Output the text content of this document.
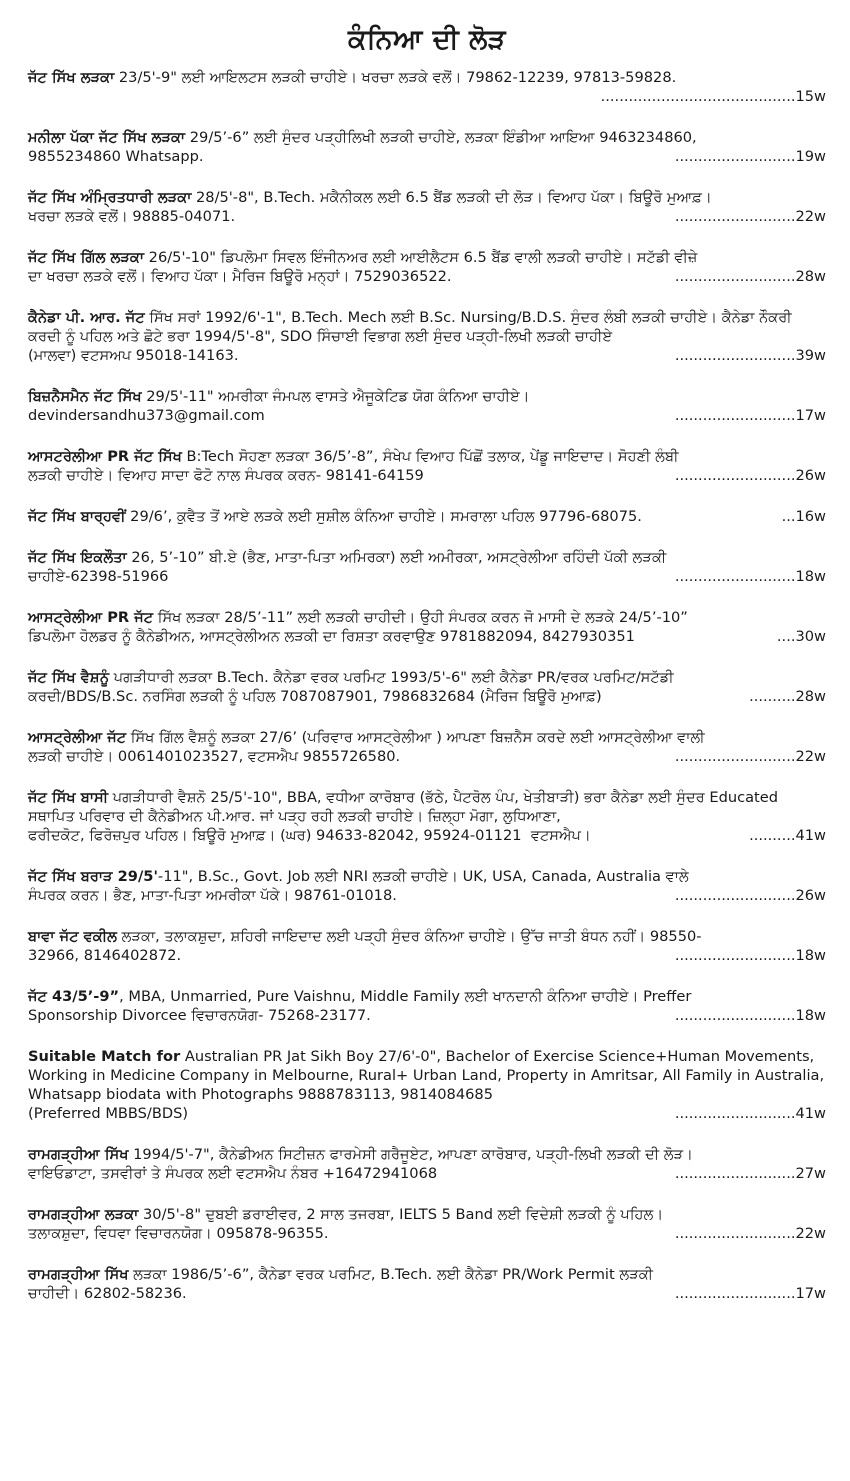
ਕੰਨਿਆ ਦੀ ਲੋੜ
ਜੱਟ ਸਿੱਖ ਲੜਕਾ 23/5'-9" ਲਈ ਆਇਲਟਸ ਲੜਕੀ ਚਾਹੀਏ। ਖਰਚਾ ਲੜਕੇ ਵਲੋਂ। 79862-12239, 97813-59828.
..........................................15w
ਮਨੀਲਾ ਪੱਕਾ ਜੱਟ ਸਿੱਖ ਲੜਕਾ 29/5’-6” ਲਈ ਸੁੰਦਰ ਪੜ੍ਹੀਲਿਖੀ ਲੜਕੀ ਚਾਹੀਏ, ਲੜਕਾ ਇੰਡੀਆ ਆਇਆ 9463234860,
9855234860 Whatsapp.	..........................19w
ਜੱਟ ਸਿੱਖ ਅੰਮ੍ਰਿਤਧਾਰੀ ਲੜਕਾ 28/5'-8", B.Tech. ਮਕੈਨੀਕਲ ਲਈ 6.5 ਬੈਂਡ ਲੜਕੀ ਦੀ ਲੋੜ। ਵਿਆਹ ਪੱਕਾ। ਬਿਊਰੋ ਮੁਆਫ਼।
ਖਰਚਾ ਲੜਕੇ ਵਲੋਂ। 98885-04071.	..........................22w
ਜੱਟ ਸਿੱਖ ਗਿੱਲ ਲੜਕਾ 26/5'-10" ਡਿਪਲੋਮਾ ਸਿਵਲ ਇੰਜੀਨਅਰ ਲਈ ਆਈਲੈਟਸ 6.5 ਬੈਂਡ ਵਾਲੀ ਲੜਕੀ ਚਾਹੀਏ। ਸਟੱਡੀ ਵੀਜ਼ੇ
ਦਾ ਖਰਚਾ ਲੜਕੇ ਵਲੋਂ। ਵਿਆਹ ਪੱਕਾ। ਮੈਰਿਜ ਬਿਊਰੋ ਮਨ੍ਹਾਂ। 7529036522.	..........................28w
ਕੈਨੇਡਾ ਪੀ. ਆਰ. ਜੱਟ ਸਿੱਖ ਸਰਾਂ 1992/6'-1", B.Tech. Mech ਲਈ B.Sc. Nursing/B.D.S. ਸੁੰਦਰ ਲੰਬੀ ਲੜਕੀ ਚਾਹੀਏ। ਕੈਨੇਡਾ ਨੌਕਰੀ ਕਰਦੀ ਨੂੰ ਪਹਿਲ ਅਤੇ ਛੋਟੇ ਭਰਾ 1994/5'-8", SDO ਸਿੰਚਾਈ ਵਿਭਾਗ ਲਈ ਸੁੰਦਰ ਪੜ੍ਹੀ-ਲਿਖੀ ਲੜਕੀ ਚਾਹੀਏ
(ਮਾਲਵਾ) ਵਟਸਅਪ 95018-14163.	..........................39w
ਬਿਜ਼ਨੈਸਮੈਨ ਜੱਟ ਸਿੱਖ 29/5'-11" ਅਮਰੀਕਾ ਜੰਮਪਲ ਵਾਸਤੇ ਐਜੂਕੇਟਿਡ ਯੋਗ ਕੰਨਿਆ ਚਾਹੀਏ।
devindersandhu373@gmail.com	..........................17w
ਆਸਟਰੇਲੀਆ PR ਜੱਟ ਸਿੱਖ B:Tech ਸੋਹਣਾ ਲੜਕਾ 36/5’-8”, ਸੰਖੇਪ ਵਿਆਹ ਪਿੱਛੋਂ ਤਲਾਕ, ਪੇਂਡੂ ਜਾਇਦਾਦ। ਸੋਹਣੀ ਲੰਬੀ
ਲੜਕੀ ਚਾਹੀਏ। ਵਿਆਹ ਸਾਦਾ ਫੋਟੋ ਨਾਲ ਸੰਪਰਕ ਕਰਨ- 98141-64159	..........................26w
ਜੱਟ ਸਿੱਖ ਬਾਰ੍ਹਵੀਂ 29/6’, ਕੁਵੈਤ ਤੋਂ ਆਏ ਲੜਕੇ ਲਈ ਸੁਸ਼ੀਲ ਕੰਨਿਆ ਚਾਹੀਏ। ਸਮਰਾਲਾ ਪਹਿਲ 97796-68075.	...16w
ਜੱਟ ਸਿੱਖ ਇਕਲੌਤਾ 26, 5’-10” ਬੀ.ਏ (ਭੈਣ, ਮਾਤਾ-ਪਿਤਾ ਅਮਿਰਕਾ) ਲਈ ਅਮੀਰਕਾ, ਅਸਟ੍ਰੇਲੀਆ ਰਹਿੰਦੀ ਪੱਕੀ ਲੜਕੀ
ਚਾਹੀਏ-62398-51966	..........................18w
ਆਸਟ੍ਰੇਲੀਆ PR ਜੱਟ ਸਿੱਖ ਲੜਕਾ 28/5’-11” ਲਈ ਲੜਕੀ ਚਾਹੀਦੀ। ਉਹੀ ਸੰਪਰਕ ਕਰਨ ਜੋ ਮਾਸੀ ਦੇ ਲੜਕੇ 24/5’-10”
ਡਿਪਲੋਮਾ ਹੋਲਡਰ ਨੂੰ ਕੈਨੇਡੀਅਨ, ਆਸਟ੍ਰੇਲੀਅਨ ਲੜਕੀ ਦਾ ਰਿਸ਼ਤਾ ਕਰਵਾਉਣ 9781882094, 8427930351	....30w
ਜੱਟ ਸਿੱਖ ਵੈਸ਼ਨੂੰ ਪਗੜੀਧਾਰੀ ਲੜਕਾ B.Tech. ਕੈਨੇਡਾ ਵਰਕ ਪਰਮਿਟ 1993/5'-6" ਲਈ ਕੈਨੇਡਾ PR/ਵਰਕ ਪਰਮਿਟ/ਸਟੱਡੀ
ਕਰਦੀ/BDS/B.Sc. ਨਰਸਿੰਗ ਲੜਕੀ ਨੂੰ ਪਹਿਲ 7087087901, 7986832684 (ਮੈਰਿਜ ਬਿਊਰੋ ਮੁਆਫ਼)	..........28w
ਆਸਟ੍ਰੇਲੀਆ ਜੱਟ ਸਿੱਖ ਗਿੱਲ ਵੈਸ਼ਨੂੰ ਲੜਕਾ 27/6’ (ਪਰਿਵਾਰ ਆਸਟ੍ਰੇਲੀਆ ) ਆਪਣਾ ਬਿਜ਼ਨੈਸ ਕਰਦੇ ਲਈ ਆਸਟ੍ਰੇਲੀਆ ਵਾਲੀ
ਲੜਕੀ ਚਾਹੀਏ। 0061401023527, ਵਟਸਐਪ 9855726580.	..........................22w
ਜੱਟ ਸਿੱਖ ਬਾਸੀ ਪਗੜੀਧਾਰੀ ਵੈਸ਼ਨੋ 25/5'-10", BBA, ਵਧੀਆ ਕਾਰੋਬਾਰ (ਭੱਠੇ, ਪੈਟਰੋਲ ਪੰਪ, ਖੇਤੀਬਾੜੀ) ਭਰਾ ਕੈਨੇਡਾ ਲਈ ਸੁੰਦਰ Educated ਸਥਾਪਿਤ ਪਰਿਵਾਰ ਦੀ ਕੈਨੇਡੀਅਨ ਪੀ.ਆਰ. ਜਾਂ ਪੜ੍ਹ ਰਹੀ ਲੜਕੀ ਚਾਹੀਏ। ਜ਼ਿਲ੍ਹਾ ਮੋਗਾ, ਲੁਧਿਆਣਾ,
ਫਰੀਦਕੋਟ, ਫਿਰੋਜ਼ਪੁਰ ਪਹਿਲ। ਬਿਊਰੋ ਮੁਆਫ਼। (ਘਰ) 94633-82042, 95924-01121  ਵਟਸਐਪ।	..........41w
ਜੱਟ ਸਿੱਖ ਬਰਾੜ 29/5'-11", B.Sc., Govt. Job ਲਈ NRI ਲੜਕੀ ਚਾਹੀਏ। UK, USA, Canada, Australia ਵਾਲੇ
ਸੰਪਰਕ ਕਰਨ। ਭੈਣ, ਮਾਤਾ-ਪਿਤਾ ਅਮਰੀਕਾ ਪੱਕੇ। 98761-01018.	..........................26w
ਬਾਵਾ ਜੱਟ ਵਕੀਲ ਲੜਕਾ, ਤਲਾਕਸ਼ੁਦਾ, ਸ਼ਹਿਰੀ ਜਾਇਦਾਦ ਲਈ ਪੜ੍ਹੀ ਸੁੰਦਰ ਕੰਨਿਆ ਚਾਹੀਏ। ਉੱਚ ਜਾਤੀ ਬੰਧਨ ਨਹੀਂ। 98550-
32966, 8146402872.	..........................18w
ਜੱਟ 43/5’-9”, MBA, Unmarried, Pure Vaishnu, Middle Family ਲਈ ਖਾਨਦਾਨੀ ਕੰਨਿਆ ਚਾਹੀਏ। Preffer
Sponsorship Divorcee ਵਿਚਾਰਨਯੋਗ- 75268-23177.	..........................18w
Suitable Match for Australian PR Jat Sikh Boy 27/6'-0", Bachelor of Exercise Science+Human Movements, Working in Medicine Company in Melbourne, Rural+ Urban Land, Property in Amritsar, All Family in Australia, Whatsapp biodata with Photographs 9888783113, 9814084685
(Preferred MBBS/BDS)	..........................41w
ਰਾਮਗੜ੍ਹੀਆ ਸਿੱਖ 1994/5'-7", ਕੈਨੇਡੀਅਨ ਸਿਟੀਜ਼ਨ ਫਾਰਮੇਸੀ ਗਰੈਜੂਏਟ, ਆਪਣਾ ਕਾਰੋਬਾਰ, ਪੜ੍ਹੀ-ਲਿਖੀ ਲੜਕੀ ਦੀ ਲੋੜ।
ਵਾਇਓਡਾਟਾ, ਤਸਵੀਰਾਂ ਤੇ ਸੰਪਰਕ ਲਈ ਵਟਸਐਪ ਨੰਬਰ +16472941068	..........................27w
ਰਾਮਗੜ੍ਹੀਆ ਲੜਕਾ 30/5'-8" ਦੁਬਈ ਡਰਾਈਵਰ, 2 ਸਾਲ ਤਜਰਬਾ, IELTS 5 Band ਲਈ ਵਿਦੇਸ਼ੀ ਲੜਕੀ ਨੂੰ ਪਹਿਲ।
ਤਲਾਕਸ਼ੁਦਾ, ਵਿਧਵਾ ਵਿਚਾਰਨਯੋਗ। 095878-96355.	..........................22w
ਰਾਮਗੜ੍ਹੀਆ ਸਿੱਖ ਲੜਕਾ 1986/5’-6”, ਕੈਨੇਡਾ ਵਰਕ ਪਰਮਿਟ, B.Tech. ਲਈ ਕੈਨੇਡਾ PR/Work Permit ਲੜਕੀ
ਚਾਹੀਦੀ। 62802-58236.	..........................17w
